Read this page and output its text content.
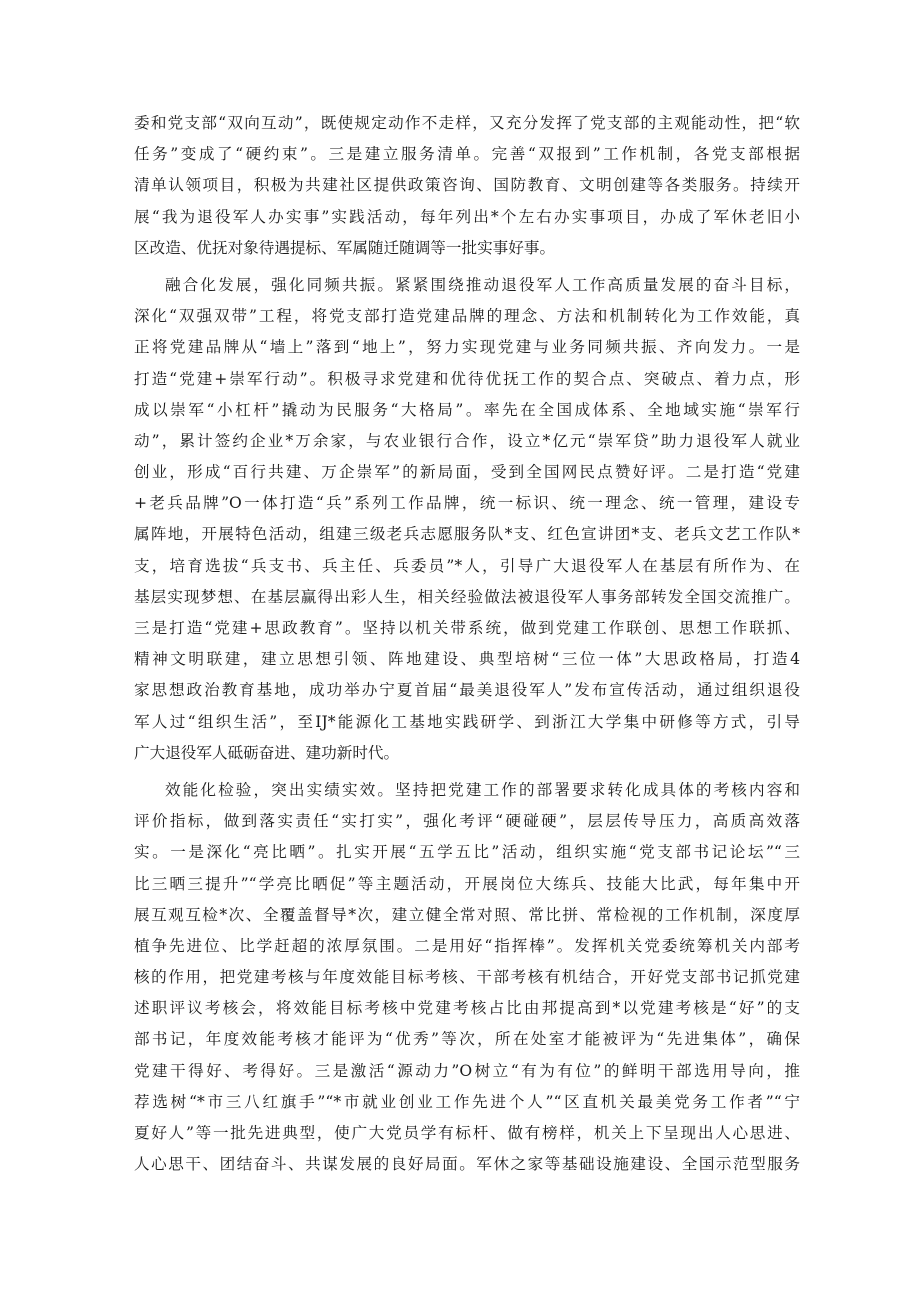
委和党支部“双向互动”，既使规定动作不走样，又充分发挥了党支部的主观能动性，把“软
任务”变成了“硬约束”。三是建立服务清单。完善“双报到”工作机制，各党支部根据
清单认领项目，积极为共建社区提供政策咨询、国防教育、文明创建等各类服务。持续开
展“我为退役军人办实事”实践活动，每年列出*个左右办实事项目，办成了军休老旧小
区改造、优抚对象待遇提标、军属随迁随调等一批实事好事。

融合化发展，强化同频共振。紧紧围绕推动退役军人工作高质量发展的奋斗目标，
深化“双强双带”工程，将党支部打造党建品牌的理念、方法和机制转化为工作效能，真
正将党建品牌从“墙上”落到“地上”，努力实现党建与业务同频共振、齐向发力。一是
打造“党建+崇军行动”。积极寻求党建和优待优抚工作的契合点、突破点、着力点，形
成以崇军“小杠杆”撬动为民服务“大格局”。率先在全国成体系、全地域实施“崇军行
动”，累计签约企业*万余家，与农业银行合作，设立*亿元“崇军贷”助力退役军人就业
创业，形成“百行共建、万企崇军”的新局面，受到全国网民点赞好评。二是打造“党建
+老兵品牌”O一体打造“兵”系列工作品牌，统一标识、统一理念、统一管理，建设专
属阵地，开展特色活动，组建三级老兵志愿服务队*支、红色宣讲团*支、老兵文艺工作队*
支，培育选拔“兵支书、兵主任、兵委员”*人，引导广大退役军人在基层有所作为、在
基层实现梦想、在基层赢得出彩人生，相关经验做法被退役军人事务部转发全国交流推广。
三是打造“党建+思政教育”。坚持以机关带系统，做到党建工作联创、思想工作联抓、
精神文明联建，建立思想引领、阵地建设、典型培树“三位一体”大思政格局，打造4
家思想政治教育基地，成功举办宁夏首届“最美退役军人”发布宣传活动，通过组织退役
军人过“组织生活”，至IJ*能源化工基地实践研学、到浙江大学集中研修等方式，引导
广大退役军人砥砺奋进、建功新时代。

效能化检验，突出实绩实效。坚持把党建工作的部署要求转化成具体的考核内容和
评价指标，做到落实责任“实打实”，强化考评“硬碰硬”，层层传导压力，高质高效落
实。一是深化“亮比晒”。扎实开展“五学五比”活动，组织实施“党支部书记论坛”“三
比三晒三提升”“学亮比晒促”等主题活动，开展岗位大练兵、技能大比武，每年集中开
展互观互检*次、全覆盖督导*次，建立健全常对照、常比拼、常检视的工作机制，深度厚
植争先进位、比学赶超的浓厚氛围。二是用好“指挥棒”。发挥机关党委统筹机关内部考
核的作用，把党建考核与年度效能目标考核、干部考核有机结合，开好党支部书记抓党建
述职评议考核会，将效能目标考核中党建考核占比由邦提高到*以党建考核是“好”的支
部书记，年度效能考核才能评为“优秀”等次，所在处室才能被评为“先进集体”，确保
党建干得好、考得好。三是激活“源动力”O树立“有为有位”的鲜明干部选用导向，推
荐选树“*市三八红旗手”“*市就业创业工作先进个人”“区直机关最美党务工作者”“宁
夏好人”等一批先进典型，使广大党员学有标杆、做有榜样，机关上下呈现出人心思进、
人心思干、团结奋斗、共谋发展的良好局面。军休之家等基础设施建设、全国示范型服务
